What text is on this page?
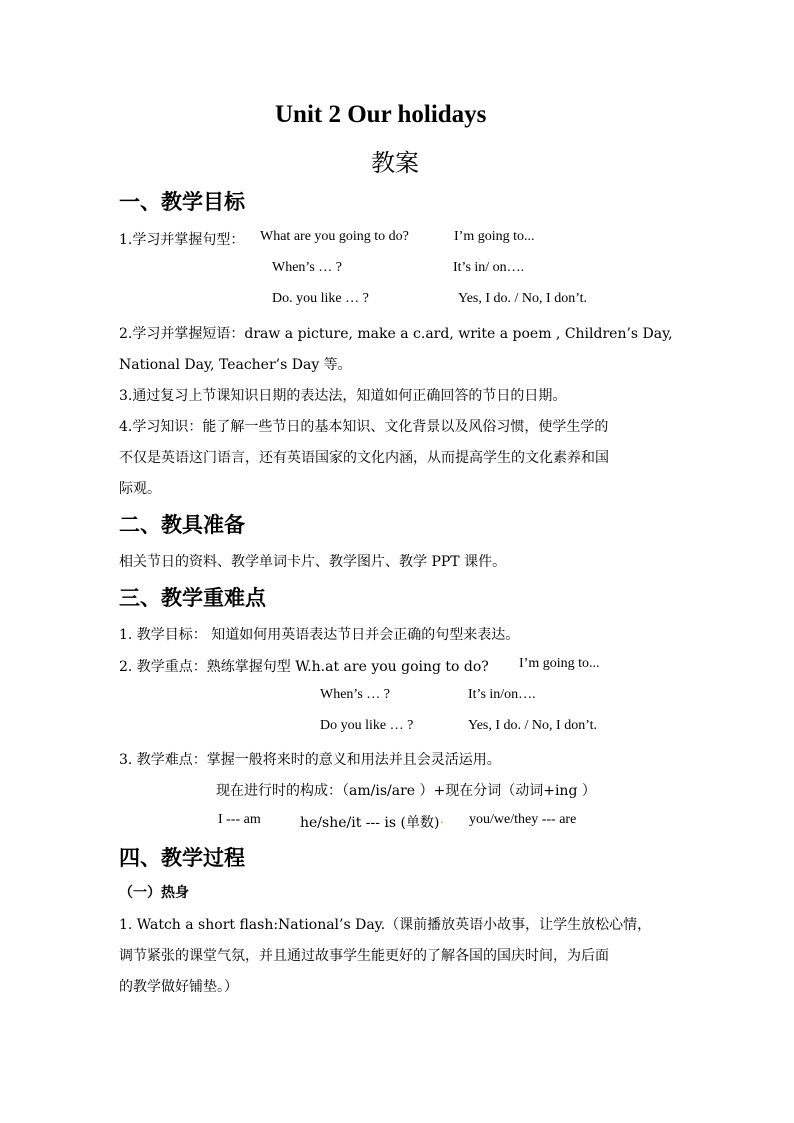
Unit 2 Our holidays
教案
一、教学目标
1.学习并掌握句型： What are you going to do?	I’m going to...
When’s … ?	It’s in/ on….
Do. you like … ?	Yes, I do. / No, I don’t.
2.学习并掌握短语：draw a picture, make a c.ard, write a poem , Children’s Day,
National Day, Teacher’s Day 等。
3.通过复习上节课知识日期的表达法，知道如何正确回答的节日的日期。
4.学习知识：能了解一些节日的基本知识、文化背景以及风俗习惯，使学生学的
不仅是英语这门语言，还有英语国家的文化内涵，从而提高学生的文化素养和国
际观。
二、教具准备
相关节日的资料、教学单词卡片、教学图片、教学 PPT 课件。
三、教学重难点
1. 教学目标： 知道如何用英语表达节日并会正确的句型来表达。
2. 教学重点：熟练掌握句型 W.h.at are you going to do? I’m going to...
When’s … ?	It’s in/on….
Do you like … ?	Yes, I do. / No, I don’t.
3. 教学难点：掌握一般将来时的意义和用法并且会灵活运用。
现在进行时的构成：（am/is/are ）+现在分词（动词+ing ）
I --- am	he/she/it --- is (单数) . you/we/they --- are
四、教学过程
（一）热身
1. Watch a short flash:National’s Day.（课前播放英语小故事，让学生放松心情，
调节紧张的课堂气氛，并且通过故事学生能更好的了解各国的国庆时间，为后面
的教学做好铺垫。）
